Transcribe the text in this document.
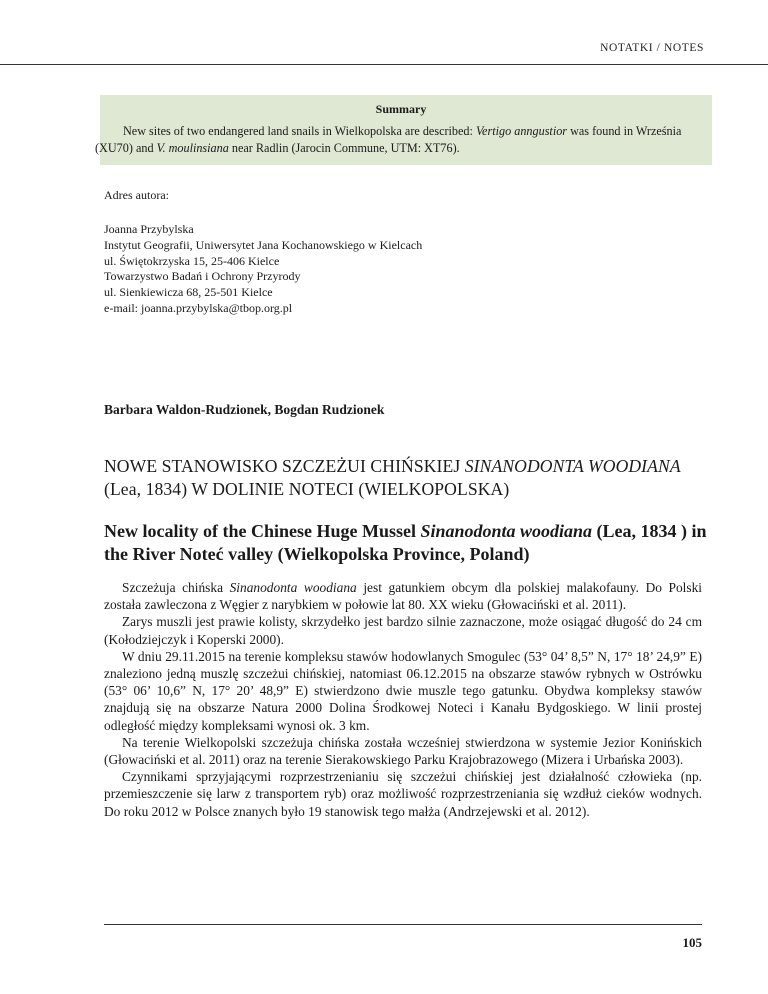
NOTATKI / NOTES
Summary
New sites of two endangered land snails in Wielkopolska are described: Vertigo anngustior was found in Września (XU70) and V. moulinsiana near Radlin (Jarocin Commune, UTM: XT76).
Adres autora:
Joanna Przybylska
Instytut Geografii, Uniwersytet Jana Kochanowskiego w Kielcach
ul. Świętokrzyska 15, 25-406 Kielce
Towarzystwo Badań i Ochrony Przyrody
ul. Sienkiewicza 68, 25-501 Kielce
e-mail: joanna.przybylska@tbop.org.pl
Barbara Waldon-Rudzionek, Bogdan Rudzionek
NOWE STANOWISKO SZCZEŻUI CHIŃSKIEJ SINANODONTA WOODIANA (Lea, 1834) W DOLINIE NOTECI (WIELKOPOLSKA)
New locality of the Chinese Huge Mussel Sinanodonta woodiana (Lea, 1834 ) in the River Noteć valley (Wielkopolska Province, Poland)

Szczeżuja chińska Sinanodonta woodiana jest gatunkiem obcym dla polskiej malakofauny. Do Polski została zawleczona z Węgier z narybkiem w połowie lat 80. XX wieku (Głowaciński et al. 2011).

Zarys muszli jest prawie kolisty, skrzydełko jest bardzo silnie zaznaczone, może osiągać długość do 24 cm (Kołodziejczyk i Koperski 2000).

W dniu 29.11.2015 na terenie kompleksu stawów hodowlanych Smogulec (53° 04’ 8,5” N, 17° 18’ 24,9” E) znaleziono jedną muszlę szczeżui chińskiej, natomiast 06.12.2015 na obszarze stawów rybnych w Ostrówku (53° 06’ 10,6” N, 17° 20’ 48,9” E) stwierdzono dwie muszle tego gatunku. Obydwa kompleksy stawów znajdują się na obszarze Natura 2000 Dolina Środkowej Noteci i Kanału Bydgoskiego. W linii prostej odległość między kompleksami wynosi ok. 3 km.

Na terenie Wielkopolski szczeżuja chińska została wcześniej stwierdzona w systemie Jezior Konińskich (Głowaciński et al. 2011) oraz na terenie Sierakowskiego Parku Krajobrazowego (Mizera i Urbańska 2003).

Czynnikami sprzyjającymi rozprzestrzenianiu się szczeżui chińskiej jest działalność człowieka (np. przemieszczenie się larw z transportem ryb) oraz możliwość rozprzestrzeniania się wzdłuż cieków wodnych. Do roku 2012 w Polsce znanych było 19 stanowisk tego małża (Andrzejewski et al. 2012).

105
